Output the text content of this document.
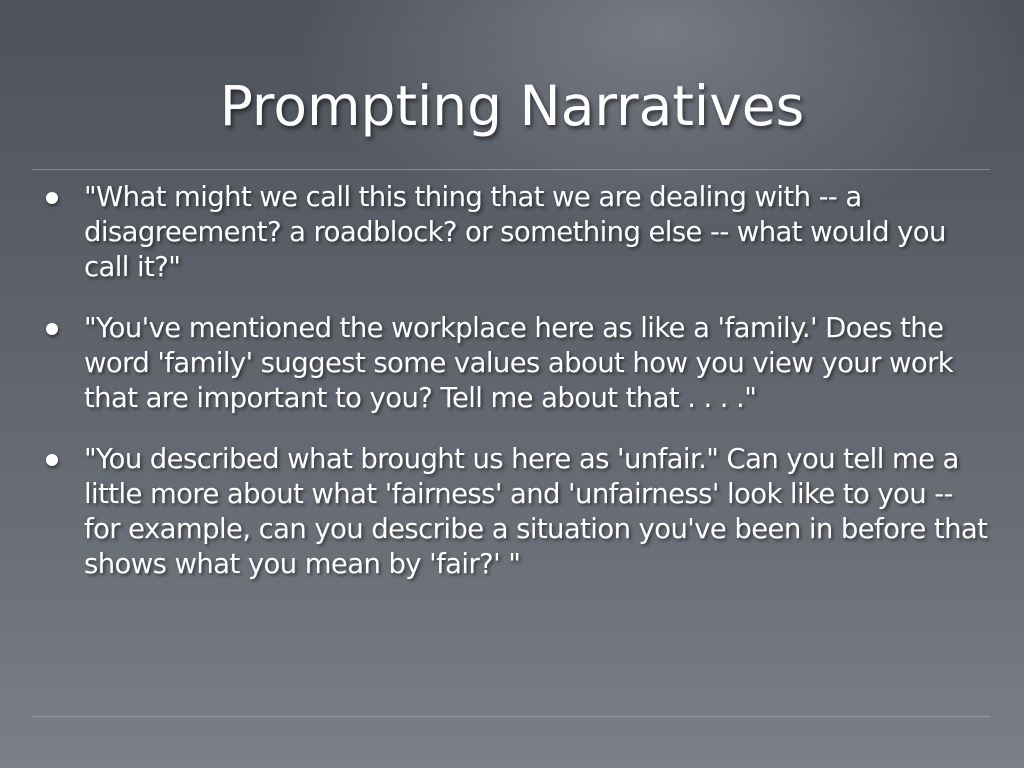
Prompting Narratives
"What might we call this thing that we are dealing with -- a disagreement? a roadblock? or something else -- what would you call it?"
"You've mentioned the workplace here as like a 'family.' Does the word 'family' suggest some values about how you view your work that are important to you? Tell me about that . . . ."
"You described what brought us here as 'unfair." Can you tell me a little more about what 'fairness' and 'unfairness' look like to you -- for example, can you describe a situation you've been in before that shows what you mean by 'fair?' "
